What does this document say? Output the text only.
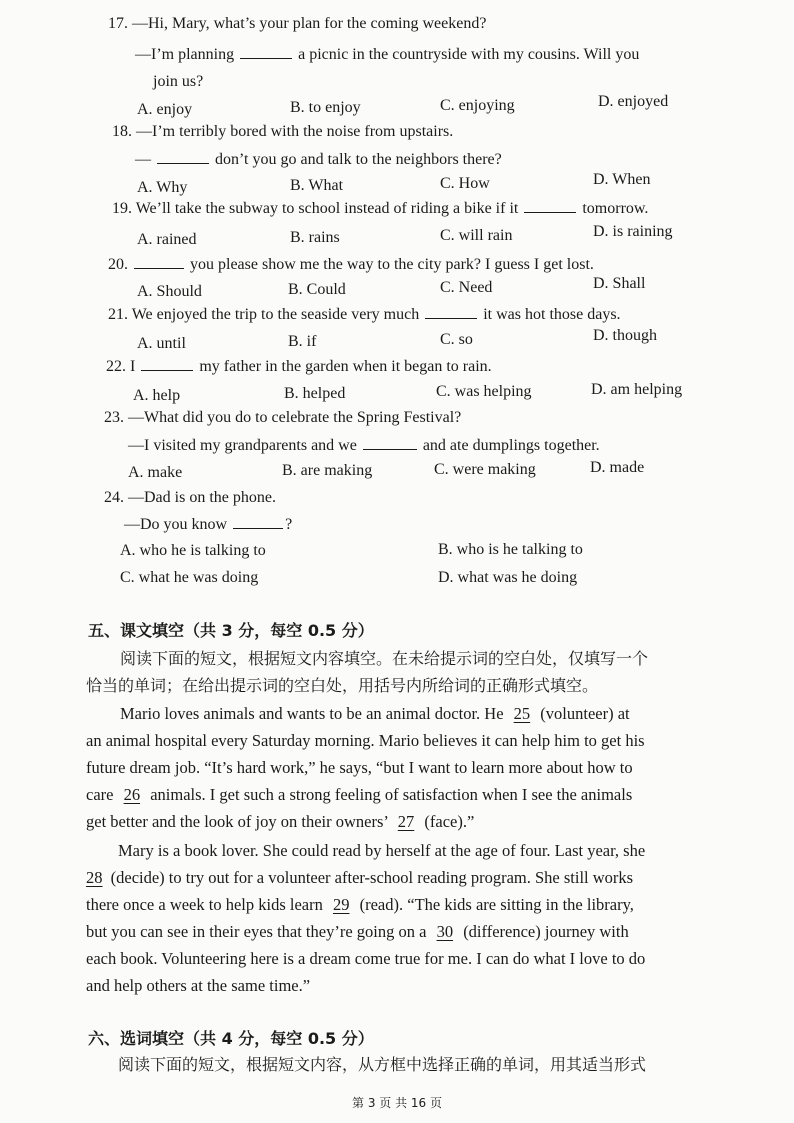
17. —Hi, Mary, what’s your plan for the coming weekend?
—I’m planning	a picnic in the countryside with my cousins. Will you
join us?
A. enjoy	B. to enjoy	C. enjoying	D. enjoyed
18. —I’m terribly bored with the noise from upstairs.
—	don’t you go and talk to the neighbors there?
A. Why	B. What	C. How	D. When
19. We’ll take the subway to school instead of riding a bike if it	tomorrow.
A. rained	B. rains	C. will rain	D. is raining
20.	you please show me the way to the city park? I guess I get lost.
A. Should	B. Could	C. Need	D. Shall
21. We enjoyed the trip to the seaside very much	it was hot those days.
A. until	B. if	C. so	D. though
22. I	my father in the garden when it began to rain.
A. help	B. helped	C. was helping	D. am helping
23. —What did you do to celebrate the Spring Festival?
—I visited my grandparents and we	and ate dumplings together.
A. make	B. are making	C. were making	D. made
24. —Dad is on the phone.
—Do you know	?
A. who he is talking to	B. who is he talking to
C. what he was doing	D. what was he doing
五、课文填空（共 3 分，每空 0.5 分）
阅读下面的短文，根据短文内容填空。在未给提示词的空白处，仅填写一个
恰当的单词；在给出提示词的空白处，用括号内所给词的正确形式填空。
Mario loves animals and wants to be an animal doctor. He 25 (volunteer) at
an animal hospital every Saturday morning. Mario believes it can help him to get his
future dream job. “It’s hard work,” he says, “but I want to learn more about how to
care 26 animals. I get such a strong feeling of satisfaction when I see the animals
get better and the look of joy on their owners’ 27 (face).”
Mary is a book lover. She could read by herself at the age of four. Last year, she
28 (decide) to try out for a volunteer after-school reading program. She still works
there once a week to help kids learn 29 (read). “The kids are sitting in the library,
but you can see in their eyes that they’re going on a 30 (difference) journey with
each book. Volunteering here is a dream come true for me. I can do what I love to do
and help others at the same time.”
六、选词填空（共 4 分，每空 0.5 分）
阅读下面的短文，根据短文内容，从方框中选择正确的单词，用其适当形式
第 3 页 共 16 页
